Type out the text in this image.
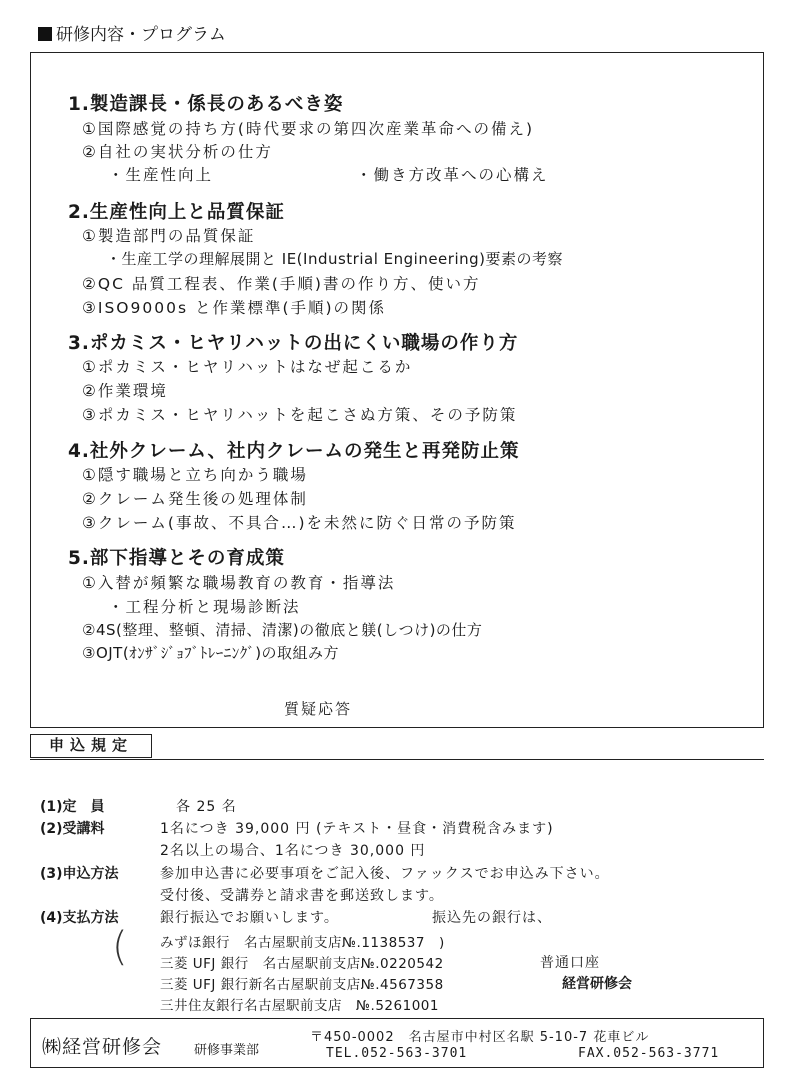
研修内容・プログラム
1.製造課長・係長のあるべき姿
①国際感覚の持ち方(時代要求の第四次産業革命への備え)
②自社の実状分析の仕方
・生産性向上	・働き方改革への心構え
2.生産性向上と品質保証
①製造部門の品質保証
・生産工学の理解展開と IE(Industrial Engineering)要素の考察
②QC 品質工程表、作業(手順)書の作り方、使い方
③ISO9000s と作業標準(手順)の関係
3.ポカミス・ヒヤリハットの出にくい職場の作り方
①ポカミス・ヒヤリハットはなぜ起こるか
②作業環境
③ポカミス・ヒヤリハットを起こさぬ方策、その予防策
4.社外クレーム、社内クレームの発生と再発防止策
①隠す職場と立ち向かう職場
②クレーム発生後の処理体制
③クレーム(事故、不具合…)を未然に防ぐ日常の予防策
5.部下指導とその育成策
①入替が頻繁な職場教育の教育・指導法
・工程分析と現場診断法
②4S(整理、整頓、清掃、清潔)の徹底と躾(しつけ)の仕方
③OJT(ｵﾝｻﾞｼﾞｮﾌﾞﾄﾚｰﾆﾝｸﾞ)の取組み方
質疑応答
申込規定
(1)定　員	各 25 名
(2)受講料	1名につき 39,000 円 (テキスト・昼食・消費税含みます)
2名以上の場合、1名につき 30,000 円
(3)申込方法	参加申込書に必要事項をご記入後、ファックスでお申込み下さい。
受付後、受講券と請求書を郵送致します。
(4)支払方法	銀行振込でお願いします。	振込先の銀行は、
( みずほ銀行　名古屋駅前支店№.1138537　)
三菱 UFJ 銀行　名古屋駅前支店№.0220542
三菱 UFJ 銀行新名古屋駅前支店№.4567358
三井住友銀行名古屋駅前支店　№.5261001
普通口座
経営研修会
㈱経営研修会 研修事業部
〒450-0002　名古屋市中村区名駅 5-10-7 花車ビル
TEL.052-563-3701	FAX.052-563-3771
